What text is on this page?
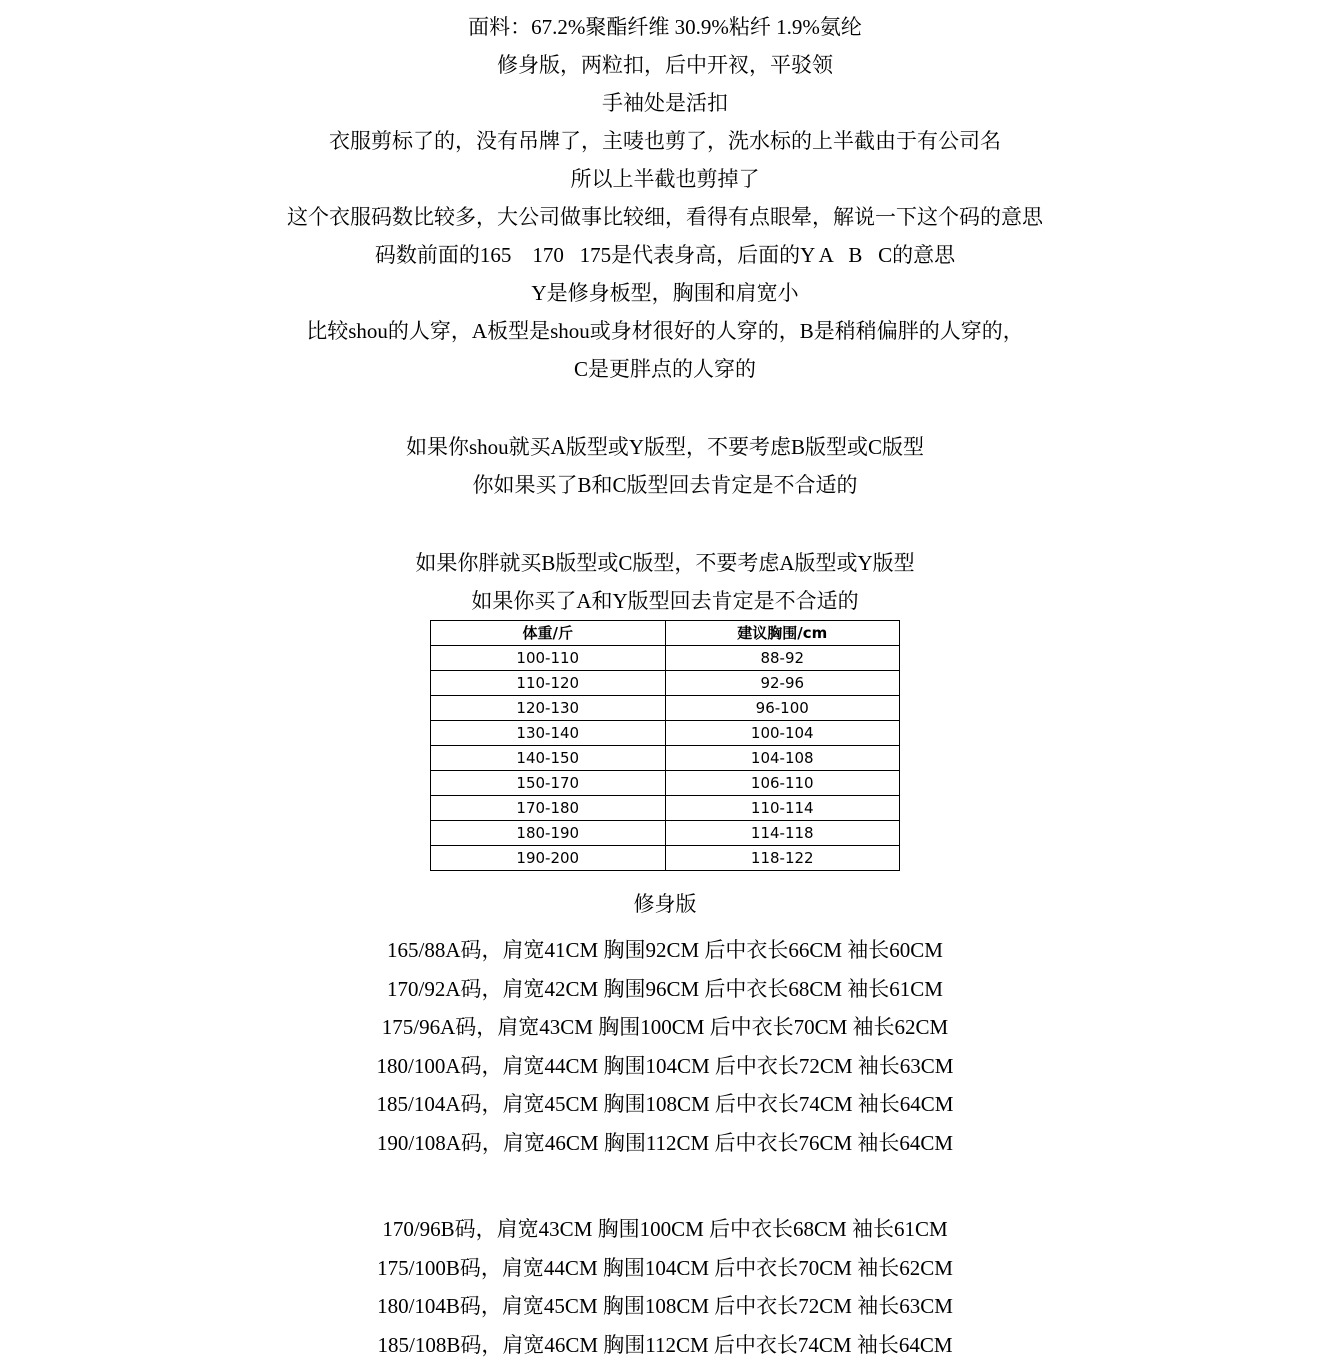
面料：67.2%聚酯纤维 30.9%粘纤 1.9%氨纶
修身版，两粒扣，后中开衩，平驳领
手袖处是活扣
衣服剪标了的，没有吊牌了，主唛也剪了，洗水标的上半截由于有公司名
所以上半截也剪掉了
这个衣服码数比较多，大公司做事比较细，看得有点眼晕，解说一下这个码的意思
码数前面的165    170   175是代表身高，后面的Y A   B   C的意思
Y是修身板型，胸围和肩宽小
比较shou的人穿，A板型是shou或身材很好的人穿的，B是稍稍偏胖的人穿的，
C是更胖点的人穿的
如果你shou就买A版型或Y版型，不要考虑B版型或C版型
你如果买了B和C版型回去肯定是不合适的
如果你胖就买B版型或C版型，不要考虑A版型或Y版型
如果你买了A和Y版型回去肯定是不合适的
体重/斤	建议胸围/cm
100-110	88-92
110-120	92-96
120-130	96-100
130-140	100-104
140-150	104-108
150-170	106-110
170-180	110-114
180-190	114-118
190-200	118-122
修身版
165/88A码，肩宽41CM 胸围92CM 后中衣长66CM 袖长60CM
170/92A码，肩宽42CM 胸围96CM 后中衣长68CM 袖长61CM
175/96A码，肩宽43CM 胸围100CM 后中衣长70CM 袖长62CM
180/100A码，肩宽44CM 胸围104CM 后中衣长72CM 袖长63CM
185/104A码，肩宽45CM 胸围108CM 后中衣长74CM 袖长64CM
190/108A码，肩宽46CM 胸围112CM 后中衣长76CM 袖长64CM
170/96B码，肩宽43CM 胸围100CM 后中衣长68CM 袖长61CM
175/100B码，肩宽44CM 胸围104CM 后中衣长70CM 袖长62CM
180/104B码，肩宽45CM 胸围108CM 后中衣长72CM 袖长63CM
185/108B码，肩宽46CM 胸围112CM 后中衣长74CM 袖长64CM
